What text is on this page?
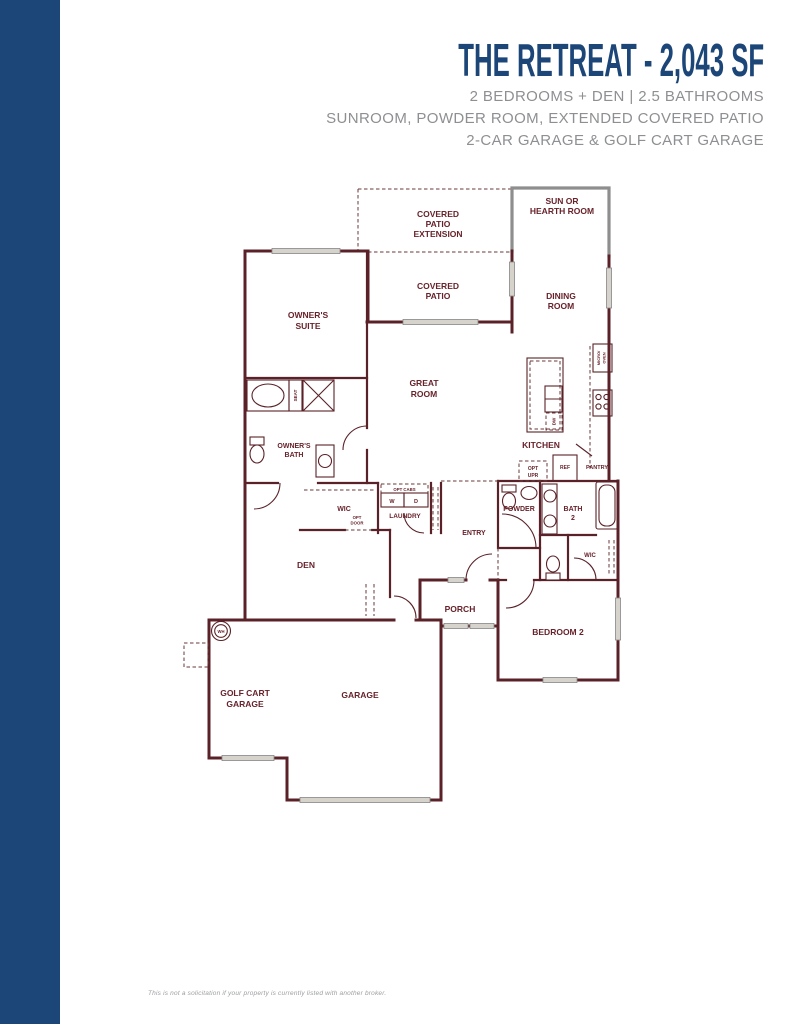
THE RETREAT - 2,043 SF
2 BEDROOMS + DEN | 2.5 BATHROOMS
SUNROOM, POWDER ROOM, EXTENDED COVERED PATIO
2-CAR GARAGE & GOLF CART GARAGE
COVERED
PATIO
EXTENSION
SUN OR
HEARTH ROOM
COVERED
PATIO	DINING
ROOM
OWNER'S
SUITE
GREAT
ROOM
KITCHEN
OWNER'S
BATH
SEAT
WIC
OPT
DOOR
OPT CABS
W	D
LAUNDRY
DW
MICRO/ OVEN
OPT
UPR
REF	PANTRY
POWDER	BATH
2
WIC
ENTRY
DEN
PORCH
BEDROOM 2
GOLF CART
GARAGE
GARAGE
WH
This is not a solicitation if your property is currently listed with another broker.
